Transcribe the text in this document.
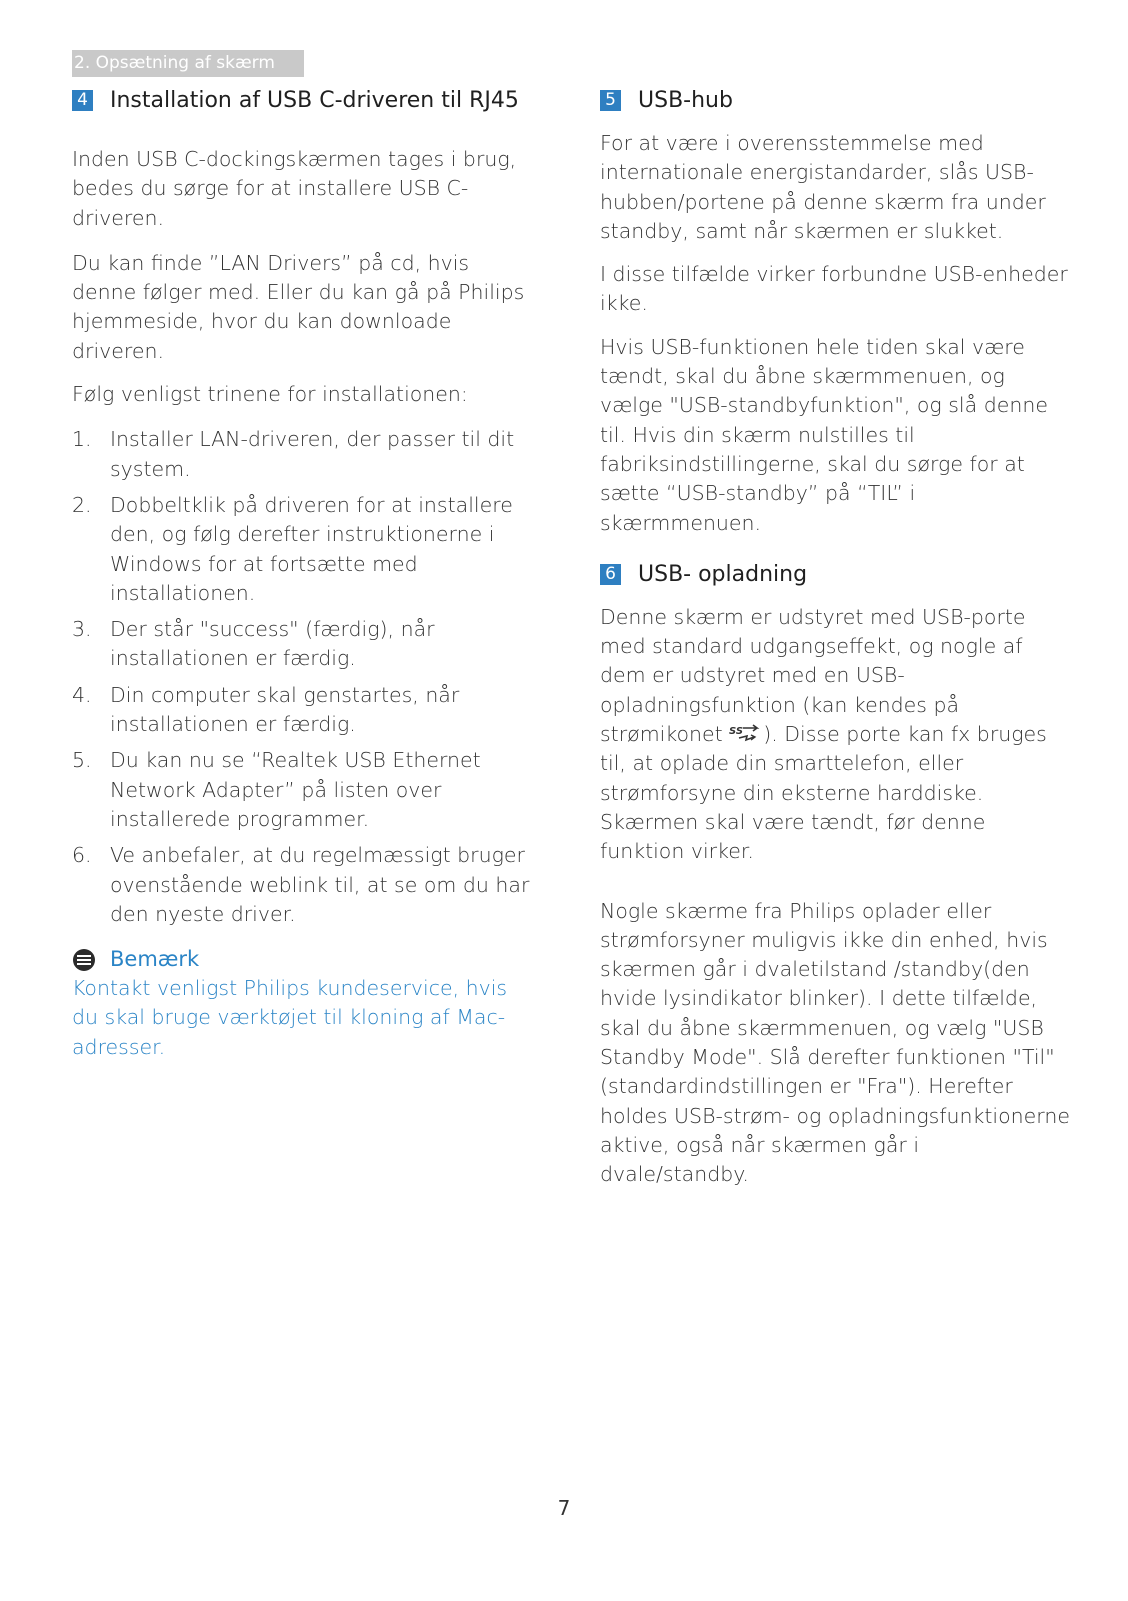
2. Opsætning af skærm
4 Installation af USB C-driveren til RJ45

Inden USB C-dockingskærmen tages i brug, bedes du sørge for at installere USB C-driveren.

Du kan finde ”LAN Drivers” på cd, hvis denne følger med. Eller du kan gå på Philips hjemmeside, hvor du kan downloade driveren.

Følg venligst trinene for installationen:

1. Installer LAN-driveren, der passer til dit system.
2. Dobbeltklik på driveren for at installere den, og følg derefter instruktionerne i Windows for at fortsætte med installationen.
3. Der står "success" (færdig), når installationen er færdig.
4. Din computer skal genstartes, når installationen er færdig.
5. Du kan nu se “Realtek USB Ethernet Network Adapter” på listen over installerede programmer.
6. Ve anbefaler, at du regelmæssigt bruger ovenstående weblink til, at se om du har den nyeste driver.
Bemærk
Kontakt venligst Philips kundeservice, hvis du skal bruge værktøjet til kloning af Mac-adresser.
5 USB-hub

For at være i overensstemmelse med internationale energistandarder, slås USB-hubben/portene på denne skærm fra under standby, samt når skærmen er slukket.

I disse tilfælde virker forbundne USB-enheder ikke.

Hvis USB-funktionen hele tiden skal være tændt, skal du åbne skærmmenuen, og vælge "USB-standbyfunktion", og slå denne til. Hvis din skærm nulstilles til fabriksindstillingerne, skal du sørge for at sætte “USB-standby” på “TIL” i skærmmenuen.

6 USB- opladning

Denne skærm er udstyret med USB-porte med standard udgangseffekt, og nogle af dem er udstyret med en USB-opladningsfunktion (kan kendes på strømikonet SS ). Disse porte kan fx bruges til, at oplade din smarttelefon, eller strømforsyne din eksterne harddiske. Skærmen skal være tændt, før denne funktion virker.

Nogle skærme fra Philips oplader eller strømforsyner muligvis ikke din enhed, hvis skærmen går i dvaletilstand /standby(den hvide lysindikator blinker). I dette tilfælde, skal du åbne skærmmenuen, og vælg "USB Standby Mode". Slå derefter funktionen "Til" (standardindstillingen er "Fra"). Herefter holdes USB-strøm- og opladningsfunktionerne aktive, også når skærmen går i dvale/standby.

7
